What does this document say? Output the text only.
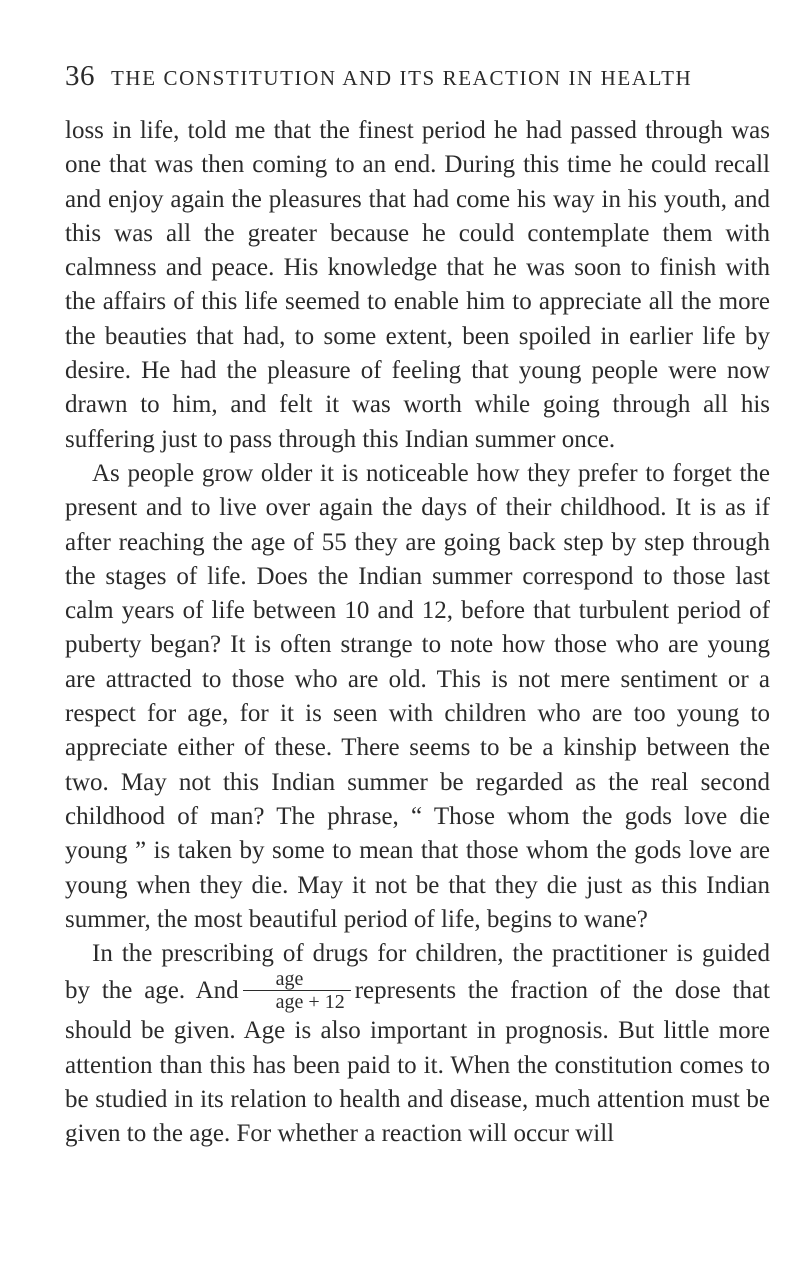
36 THE CONSTITUTION AND ITS REACTION IN HEALTH

loss in life, told me that the finest period he had passed through was one that was then coming to an end. During this time he could recall and enjoy again the pleasures that had come his way in his youth, and this was all the greater because he could contemplate them with calmness and peace. His knowledge that he was soon to finish with the affairs of this life seemed to enable him to appreciate all the more the beauties that had, to some extent, been spoiled in earlier life by desire. He had the pleasure of feeling that young people were now drawn to him, and felt it was worth while going through all his suffering just to pass through this Indian summer once.

As people grow older it is noticeable how they prefer to forget the present and to live over again the days of their childhood. It is as if after reaching the age of 55 they are going back step by step through the stages of life. Does the Indian summer correspond to those last calm years of life between 10 and 12, before that turbulent period of puberty began? It is often strange to note how those who are young are attracted to those who are old. This is not mere sentiment or a respect for age, for it is seen with children who are too young to appreciate either of these. There seems to be a kinship between the two. May not this Indian summer be regarded as the real second childhood of man? The phrase, “ Those whom the gods love die young ” is taken by some to mean that those whom the gods love are young when they die. May it not be that they die just as this Indian summer, the most beautiful period of life, begins to wane?

In the prescribing of drugs for children, the practitioner is guided by the age. And $\frac{\text{age}}{\text{age + 12}}$ represents the fraction of the dose that should be given. Age is also important in prognosis. But little more attention than this has been paid to it. When the constitution comes to be studied in its relation to health and disease, much attention must be given to the age. For whether a reaction will occur will
